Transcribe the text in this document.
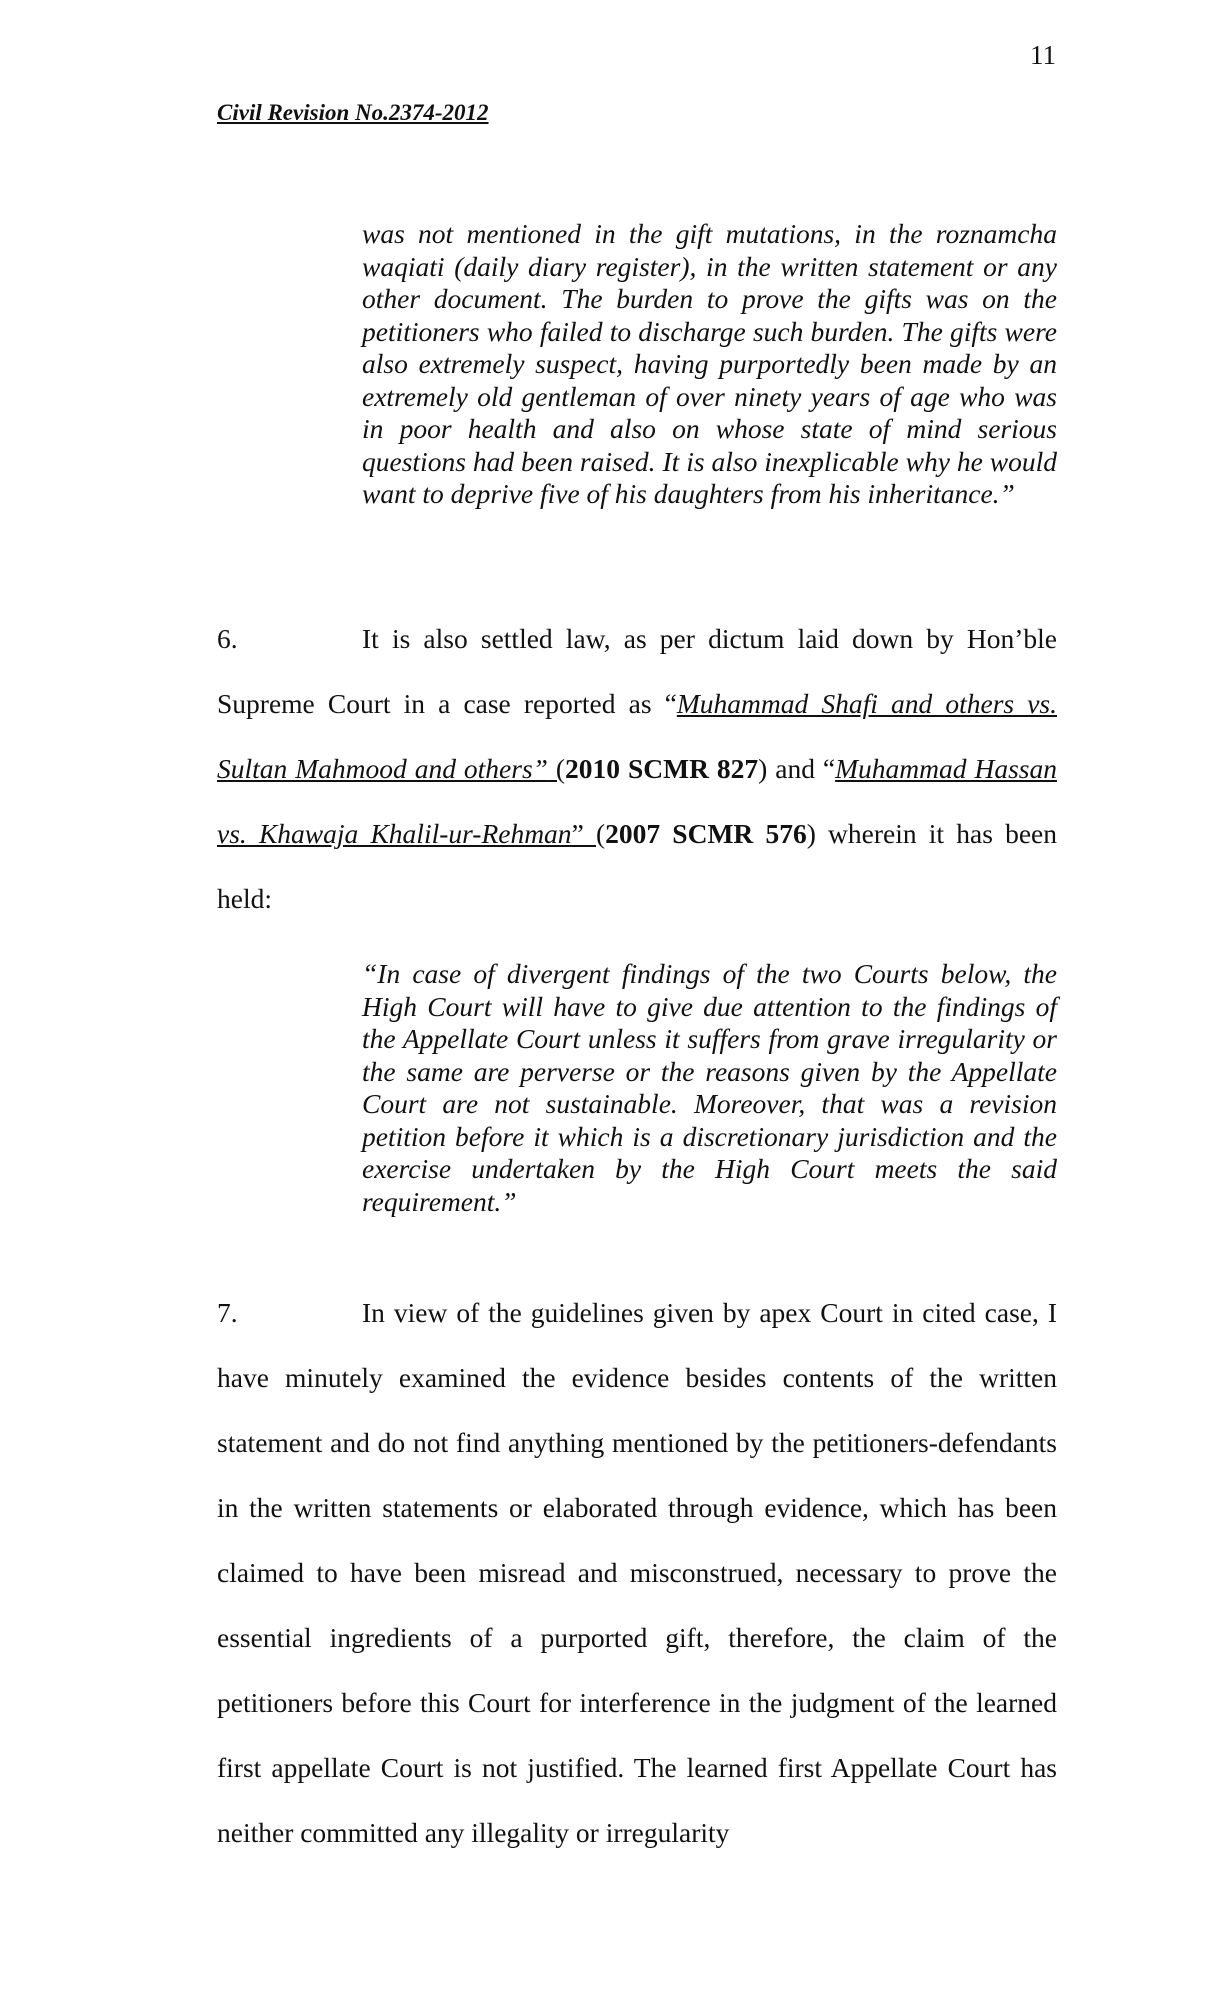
11
Civil Revision No.2374-2012
was not mentioned in the gift mutations, in the roznamcha waqiati (daily diary register), in the written statement or any other document. The burden to prove the gifts was on the petitioners who failed to discharge such burden. The gifts were also extremely suspect, having purportedly been made by an extremely old gentleman of over ninety years of age who was in poor health and also on whose state of mind serious questions had been raised. It is also inexplicable why he would want to deprive five of his daughters from his inheritance.”
6.	It is also settled law, as per dictum laid down by Hon’ble Supreme Court in a case reported as “Muhammad Shafi and others vs. Sultan Mahmood and others” (2010 SCMR 827) and “Muhammad Hassan vs. Khawaja Khalil-ur-Rehman” (2007 SCMR 576) wherein it has been held:
“In case of divergent findings of the two Courts below, the High Court will have to give due attention to the findings of the Appellate Court unless it suffers from grave irregularity or the same are perverse or the reasons given by the Appellate Court are not sustainable. Moreover, that was a revision petition before it which is a discretionary jurisdiction and the exercise undertaken by the High Court meets the said requirement.”
7.	In view of the guidelines given by apex Court in cited case, I have minutely examined the evidence besides contents of the written statement and do not find anything mentioned by the petitioners-defendants in the written statements or elaborated through evidence, which has been claimed to have been misread and misconstrued, necessary to prove the essential ingredients of a purported gift, therefore, the claim of the petitioners before this Court for interference in the judgment of the learned first appellate Court is not justified. The learned first Appellate Court has neither committed any illegality or irregularity
